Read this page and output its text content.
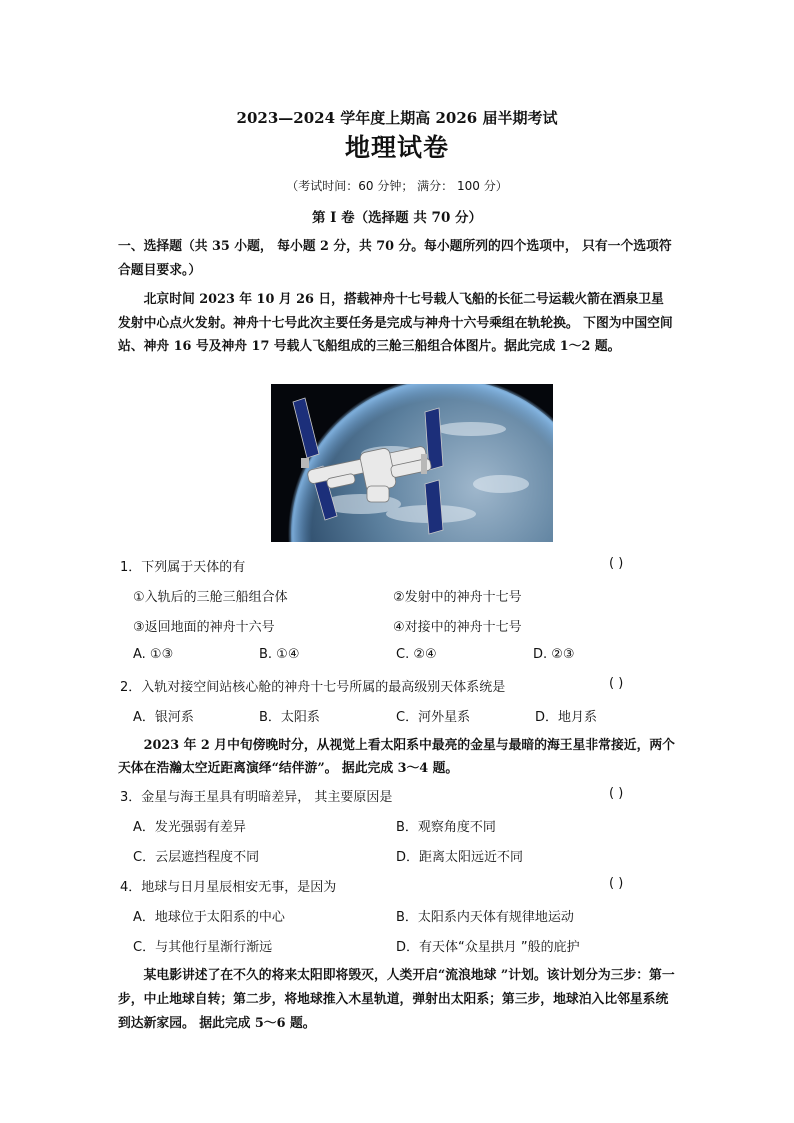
2023—2024 学年度上期高 2026 届半期考试
地理试卷
（考试时间：60 分钟； 满分： 100 分）
第 I 卷（选择题 共 70 分）
一、选择题（共 35 小题， 每小题 2 分，共 70 分。每小题所列的四个选项中， 只有一个选项符合题目要求。）
北京时间 2023 年 10 月 26 日，搭载神舟十七号载人飞船的长征二号运载火箭在酒泉卫星发射中心点火发射。神舟十七号此次主要任务是完成与神舟十六号乘组在轨轮换。 下图为中国空间站、神舟 16 号及神舟 17 号载人飞船组成的三舱三船组合体图片。据此完成 1～2 题。
1．下列属于天体的有	( )
①入轨后的三舱三船组合体	②发射中的神舟十七号
③返回地面的神舟十六号	④对接中的神舟十七号
A. ①③	B. ①④	C. ②④	D. ②③
2．入轨对接空间站核心舱的神舟十七号所属的最高级别天体系统是	( )
A．银河系	B．太阳系	C．河外星系	D．地月系
2023 年 2 月中旬傍晚时分，从视觉上看太阳系中最亮的金星与最暗的海王星非常接近，两个天体在浩瀚太空近距离演绎“结伴游”。 据此完成 3～4 题。
3．金星与海王星具有明暗差异， 其主要原因是	( )
A．发光强弱有差异	B．观察角度不同
C．云层遮挡程度不同	D．距离太阳远近不同
4．地球与日月星辰相安无事，是因为	( )
A．地球位于太阳系的中心	B．太阳系内天体有规律地运动
C．与其他行星渐行渐远	D．有天体“众星拱月 ”般的庇护
某电影讲述了在不久的将来太阳即将毁灭，人类开启“流浪地球 ”计划。该计划分为三步：第一步，中止地球自转；第二步，将地球推入木星轨道，弹射出太阳系；第三步，地球泊入比邻星系统到达新家园。 据此完成 5～6 题。
